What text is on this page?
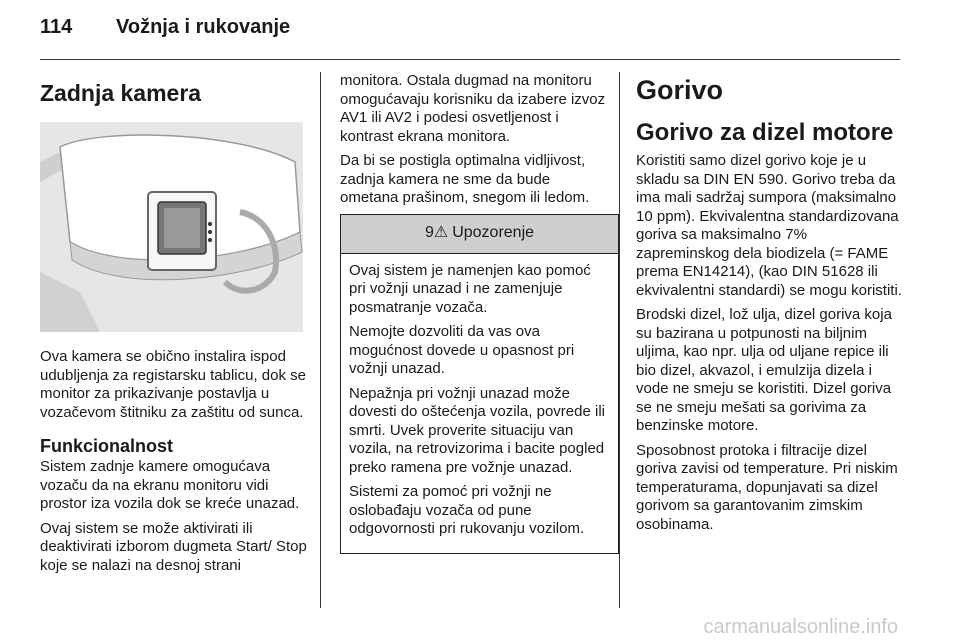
114 Vožnja i rukovanje
Zadnja kamera

Ova kamera se obično instalira ispod udubljenja za registarsku tablicu, dok se monitor za prikazivanje postavlja u vozačevom štitniku za zaštitu od sunca.

Funkcionalnost

Sistem zadnje kamere omogućava vozaču da na ekranu monitoru vidi prostor iza vozila dok se kreće unazad.

Ovaj sistem se može aktivirati ili deaktivirati izborom dugmeta Start/ Stop koje se nalazi na desnoj strani

monitora. Ostala dugmad na monitoru omogućavaju korisniku da izabere izvoz AV1 ili AV2 i podesi osvetljenost i kontrast ekrana monitora.

Da bi se postigla optimalna vidljivost, zadnja kamera ne sme da bude ometana prašinom, snegom ili ledom.

9⚠ Upozorenje

Ovaj sistem je namenjen kao pomoć pri vožnji unazad i ne zamenjuje posmatranje vozača.

Nemojte dozvoliti da vas ova mogućnost dovede u opasnost pri vožnji unazad.

Nepažnja pri vožnji unazad može dovesti do oštećenja vozila, povrede ili smrti. Uvek proverite situaciju van vozila, na retrovizorima i bacite pogled preko ramena pre vožnje unazad.

Sistemi za pomoć pri vožnji ne oslobađaju vozača od pune odgovornosti pri rukovanju vozilom.

Gorivo
Gorivo za dizel motore

Koristiti samo dizel gorivo koje je u skladu sa DIN EN 590. Gorivo treba da ima mali sadržaj sumpora (maksimalno 10 ppm). Ekvivalentna standardizovana goriva sa maksimalno 7% zapreminskog dela biodizela (= FAME prema EN14214), (kao DIN 51628 ili ekvivalentni standardi) se mogu koristiti.

Brodski dizel, lož ulja, dizel goriva koja su bazirana u potpunosti na biljnim uljima, kao npr. ulja od uljane repice ili bio dizel, akvazol, i emulzija dizela i vode ne smeju se koristiti. Dizel goriva se ne smeju mešati sa gorivima za benzinske motore.

Sposobnost protoka i filtracije dizel goriva zavisi od temperature. Pri niskim temperaturama, dopunjavati sa dizel gorivom sa garantovanim zimskim osobinama.

carmanualsonline.info
